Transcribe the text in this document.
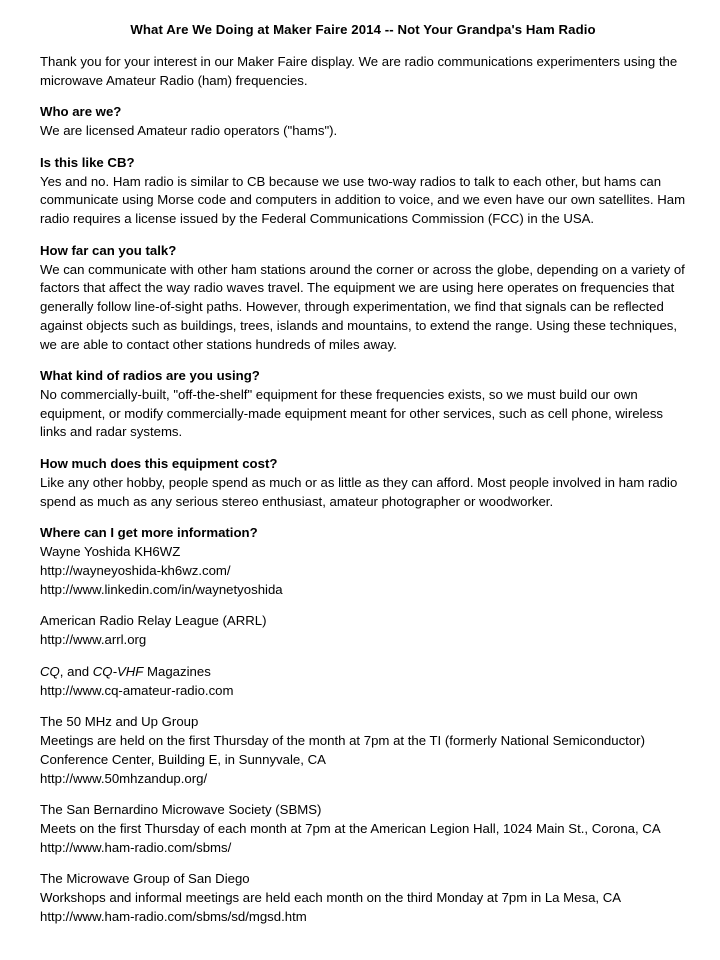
What Are We Doing at Maker Faire 2014 -- Not Your Grandpa's Ham Radio

Thank you for your interest in our Maker Faire display. We are radio communications experimenters using the microwave Amateur Radio (ham) frequencies.

Who are we?

We are licensed Amateur radio operators ("hams").

Is this like CB?

Yes and no. Ham radio is similar to CB because we use two-way radios to talk to each other, but hams can communicate using Morse code and computers in addition to voice, and we even have our own satellites. Ham radio requires a license issued by the Federal Communications Commission (FCC) in the USA.

How far can you talk?

We can communicate with other ham stations around the corner or across the globe, depending on a variety of factors that affect the way radio waves travel. The equipment we are using here operates on frequencies that generally follow line-of-sight paths. However, through experimentation, we find that signals can be reflected against objects such as buildings, trees, islands and mountains, to extend the range. Using these techniques, we are able to contact other stations hundreds of miles away.

What kind of radios are you using?

No commercially-built, "off-the-shelf" equipment for these frequencies exists, so we must build our own equipment, or modify commercially-made equipment meant for other services, such as cell phone, wireless links and radar systems.

How much does this equipment cost?

Like any other hobby, people spend as much or as little as they can afford. Most people involved in ham radio spend as much as any serious stereo enthusiast, amateur photographer or woodworker.

Where can I get more information?

Wayne Yoshida KH6WZ

http://wayneyoshida-kh6wz.com/

http://www.linkedin.com/in/waynetyoshida

American Radio Relay League (ARRL)

http://www.arrl.org

CQ, and CQ-VHF Magazines

http://www.cq-amateur-radio.com

The 50 MHz and Up Group

Meetings are held on the first Thursday of the month at 7pm at the TI (formerly National Semiconductor) Conference Center, Building E, in Sunnyvale, CA

http://www.50mhzandup.org/

The San Bernardino Microwave Society (SBMS)

Meets on the first Thursday of each month at 7pm at the American Legion Hall, 1024 Main St., Corona, CA

http://www.ham-radio.com/sbms/

The Microwave Group of San Diego

Workshops and informal meetings are held each month on the third Monday at 7pm in La Mesa, CA

http://www.ham-radio.com/sbms/sd/mgsd.htm
